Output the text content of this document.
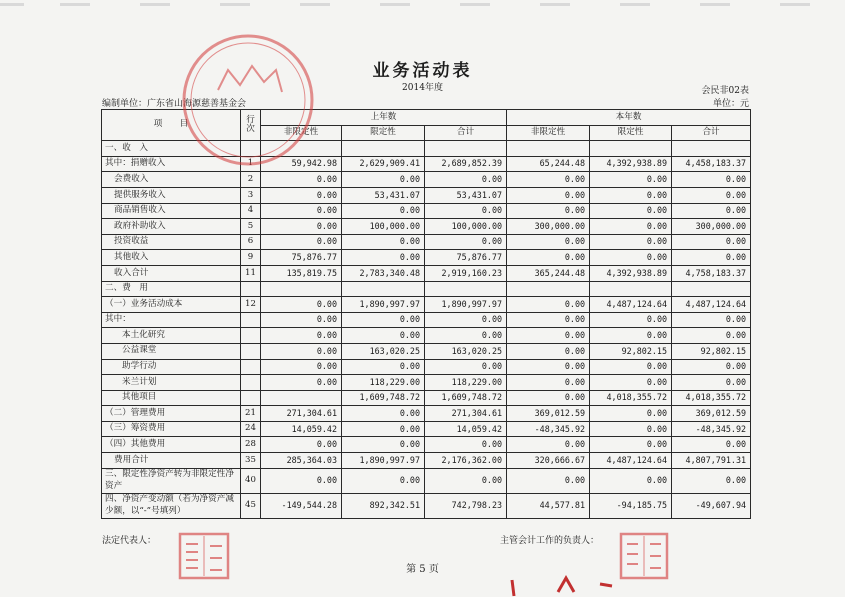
业务活动表
2014年度	会民非02表
编制单位：广东省山海源慈善基金会	单位：元
项　　目	行次	上年数			本年数		
		非限定性	限定性	合计	非限定性	限定性	合计
一、收　入							
其中：捐赠收入	1	59,942.98	2,629,909.41	2,689,852.39	65,244.48	4,392,938.89	4,458,183.37
会费收入	2	0.00	0.00	0.00	0.00	0.00	0.00
提供服务收入	3	0.00	53,431.07	53,431.07	0.00	0.00	0.00
商品销售收入	4	0.00	0.00	0.00	0.00	0.00	0.00
政府补助收入	5	0.00	100,000.00	100,000.00	300,000.00	0.00	300,000.00
投资收益	6	0.00	0.00	0.00	0.00	0.00	0.00
其他收入	9	75,876.77	0.00	75,876.77	0.00	0.00	0.00
收入合计	11	135,819.75	2,783,340.48	2,919,160.23	365,244.48	4,392,938.89	4,758,183.37
二、费　用							
（一）业务活动成本	12	0.00	1,890,997.97	1,890,997.97	0.00	4,487,124.64	4,487,124.64
其中：		0.00	0.00	0.00	0.00	0.00	0.00
本土化研究		0.00	0.00	0.00	0.00	0.00	0.00
公益课堂		0.00	163,020.25	163,020.25	0.00	92,802.15	92,802.15
助学行动		0.00	0.00	0.00	0.00	0.00	0.00
米兰计划		0.00	118,229.00	118,229.00	0.00	0.00	0.00
其他项目			1,609,748.72	1,609,748.72	0.00	4,018,355.72	4,018,355.72
（二）管理费用	21	271,304.61	0.00	271,304.61	369,012.59	0.00	369,012.59
（三）筹资费用	24	14,059.42	0.00	14,059.42	-48,345.92	0.00	-48,345.92
（四）其他费用	28	0.00	0.00	0.00	0.00	0.00	0.00
费用合计	35	285,364.03	1,890,997.97	2,176,362.00	320,666.67	4,487,124.64	4,807,791.31
三、限定性净资产转为非限定性净资产	40	0.00	0.00	0.00	0.00	0.00	0.00
四、净资产变动额（若为净资产减少额，以“-”号填列）	45	-149,544.28	892,342.51	742,798.23	44,577.81	-94,185.75	-49,607.94
法定代表人：	主管会计工作的负责人：
第 5 页
